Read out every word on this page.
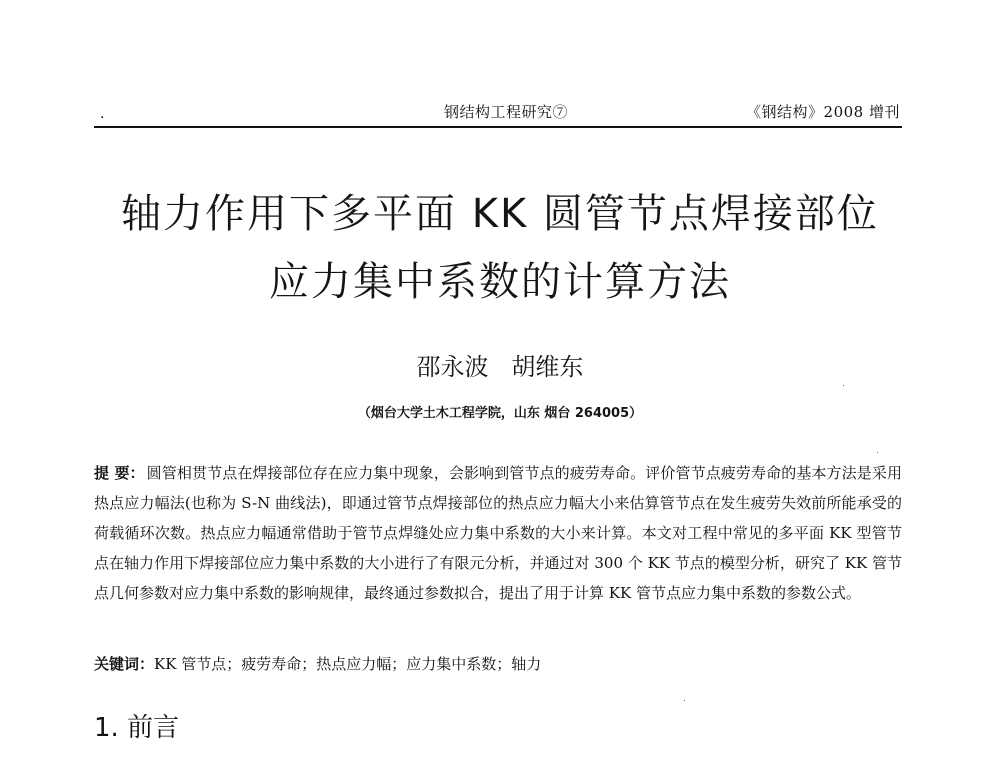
.	钢结构工程研究⑦	《钢结构》2008 增刊
轴力作用下多平面 KK 圆管节点焊接部位
应力集中系数的计算方法
邵永波   胡维东
（烟台大学土木工程学院，山东 烟台 264005）
提 要： 圆管相贯节点在焊接部位存在应力集中现象，会影响到管节点的疲劳寿命。评价管节点疲劳寿命的基本方法是采用热点应力幅法(也称为 S-N 曲线法)，即通过管节点焊接部位的热点应力幅大小来估算管节点在发生疲劳失效前所能承受的荷载循环次数。热点应力幅通常借助于管节点焊缝处应力集中系数的大小来计算。本文对工程中常见的多平面 KK 型管节点在轴力作用下焊接部位应力集中系数的大小进行了有限元分析，并通过对 300 个 KK 节点的模型分析，研究了 KK 管节点几何参数对应力集中系数的影响规律，最终通过参数拟合，提出了用于计算 KK 管节点应力集中系数的参数公式。
关键词：KK 管节点；疲劳寿命；热点应力幅；应力集中系数；轴力
1. 前言
